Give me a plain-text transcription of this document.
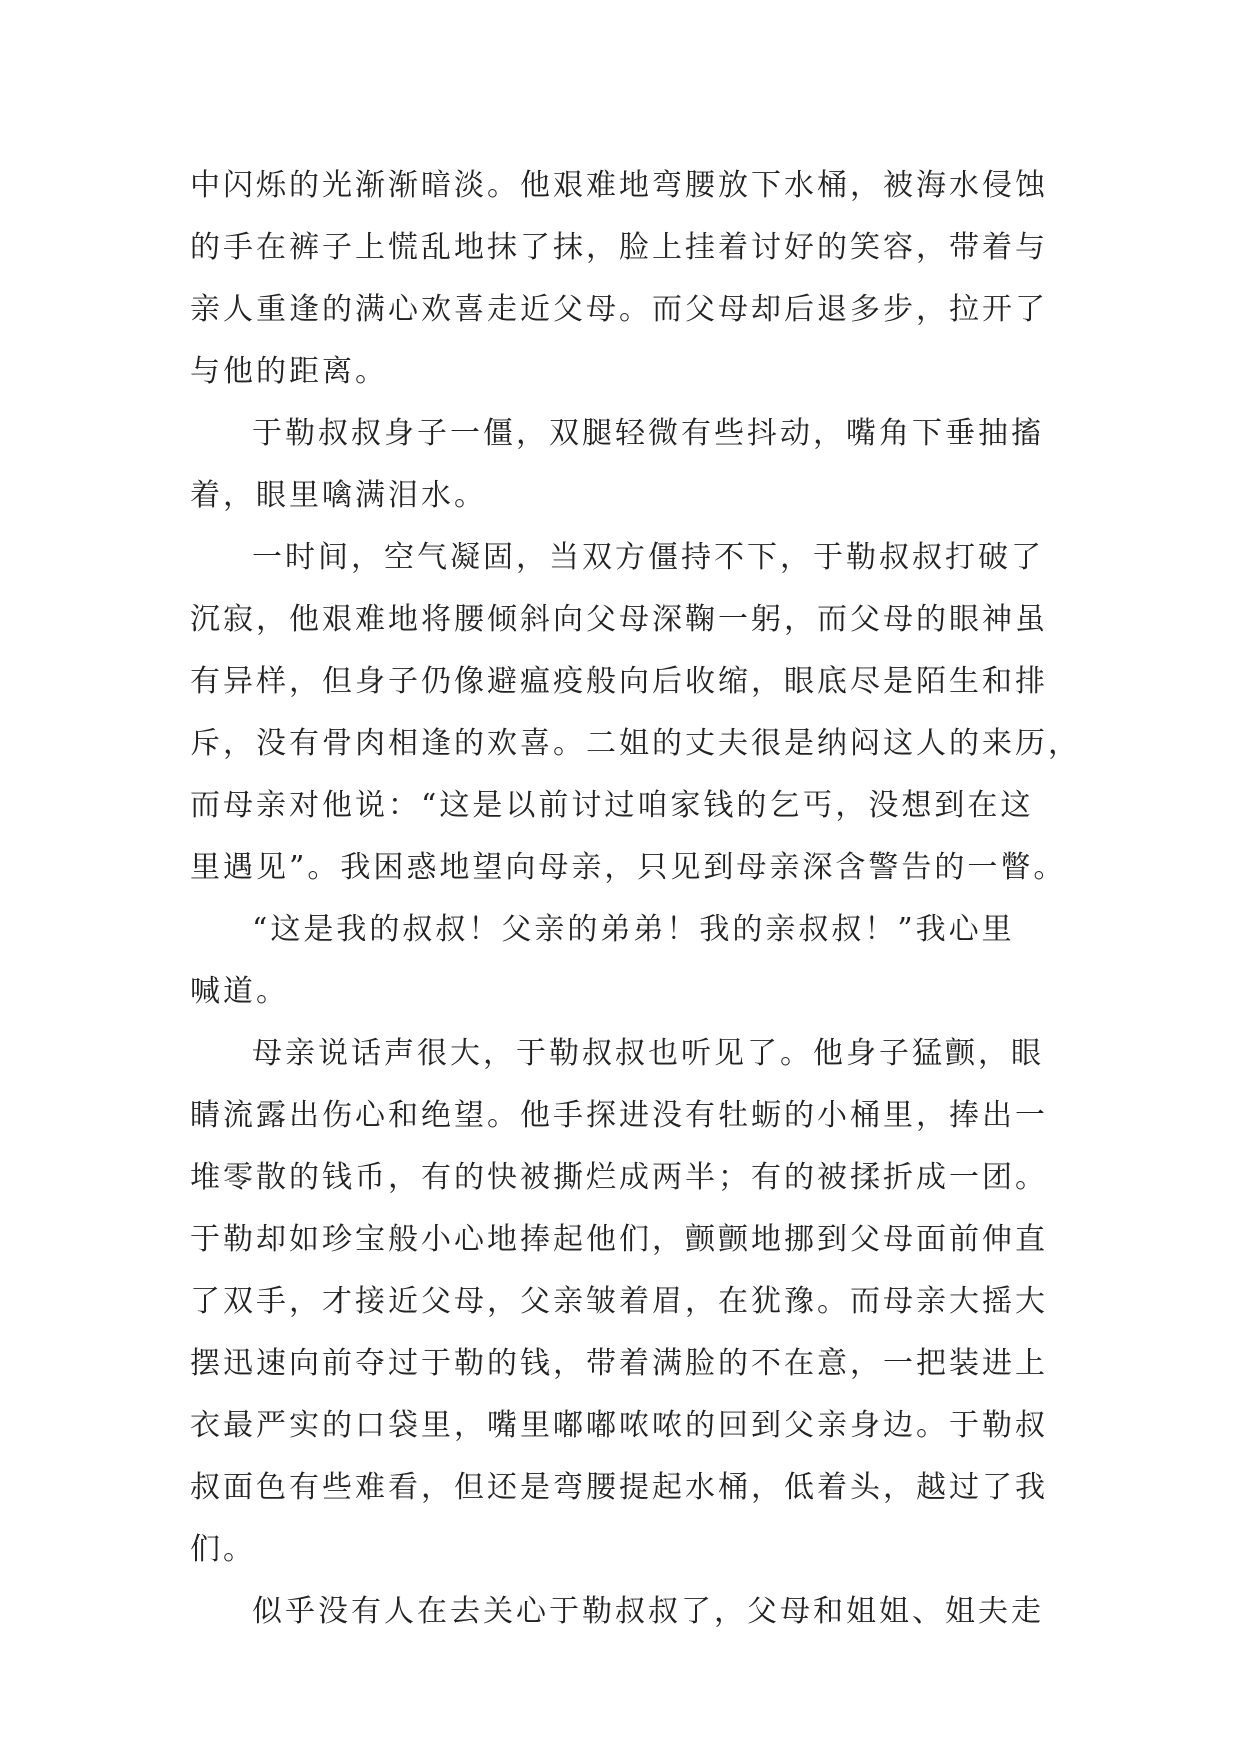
中闪烁的光渐渐暗淡。他艰难地弯腰放下水桶，被海水侵蚀
的手在裤子上慌乱地抹了抹，脸上挂着讨好的笑容，带着与
亲人重逢的满心欢喜走近父母。而父母却后退多步，拉开了
与他的距离。
于勒叔叔身子一僵，双腿轻微有些抖动，嘴角下垂抽搐
着，眼里噙满泪水。
一时间，空气凝固，当双方僵持不下，于勒叔叔打破了
沉寂，他艰难地将腰倾斜向父母深鞠一躬，而父母的眼神虽
有异样，但身子仍像避瘟疫般向后收缩，眼底尽是陌生和排
斥，没有骨肉相逢的欢喜。二姐的丈夫很是纳闷这人的来历，
而母亲对他说：“这是以前讨过咱家钱的乞丐，没想到在这
里遇见”。我困惑地望向母亲，只见到母亲深含警告的一瞥。
“这是我的叔叔！父亲的弟弟！我的亲叔叔！”我心里
喊道。
母亲说话声很大，于勒叔叔也听见了。他身子猛颤，眼
睛流露出伤心和绝望。他手探进没有牡蛎的小桶里，捧出一
堆零散的钱币，有的快被撕烂成两半；有的被揉折成一团。
于勒却如珍宝般小心地捧起他们，颤颤地挪到父母面前伸直
了双手，才接近父母，父亲皱着眉，在犹豫。而母亲大摇大
摆迅速向前夺过于勒的钱，带着满脸的不在意，一把装进上
衣最严实的口袋里，嘴里嘟嘟哝哝的回到父亲身边。于勒叔
叔面色有些难看，但还是弯腰提起水桶，低着头，越过了我
们。
似乎没有人在去关心于勒叔叔了，父母和姐姐、姐夫走
